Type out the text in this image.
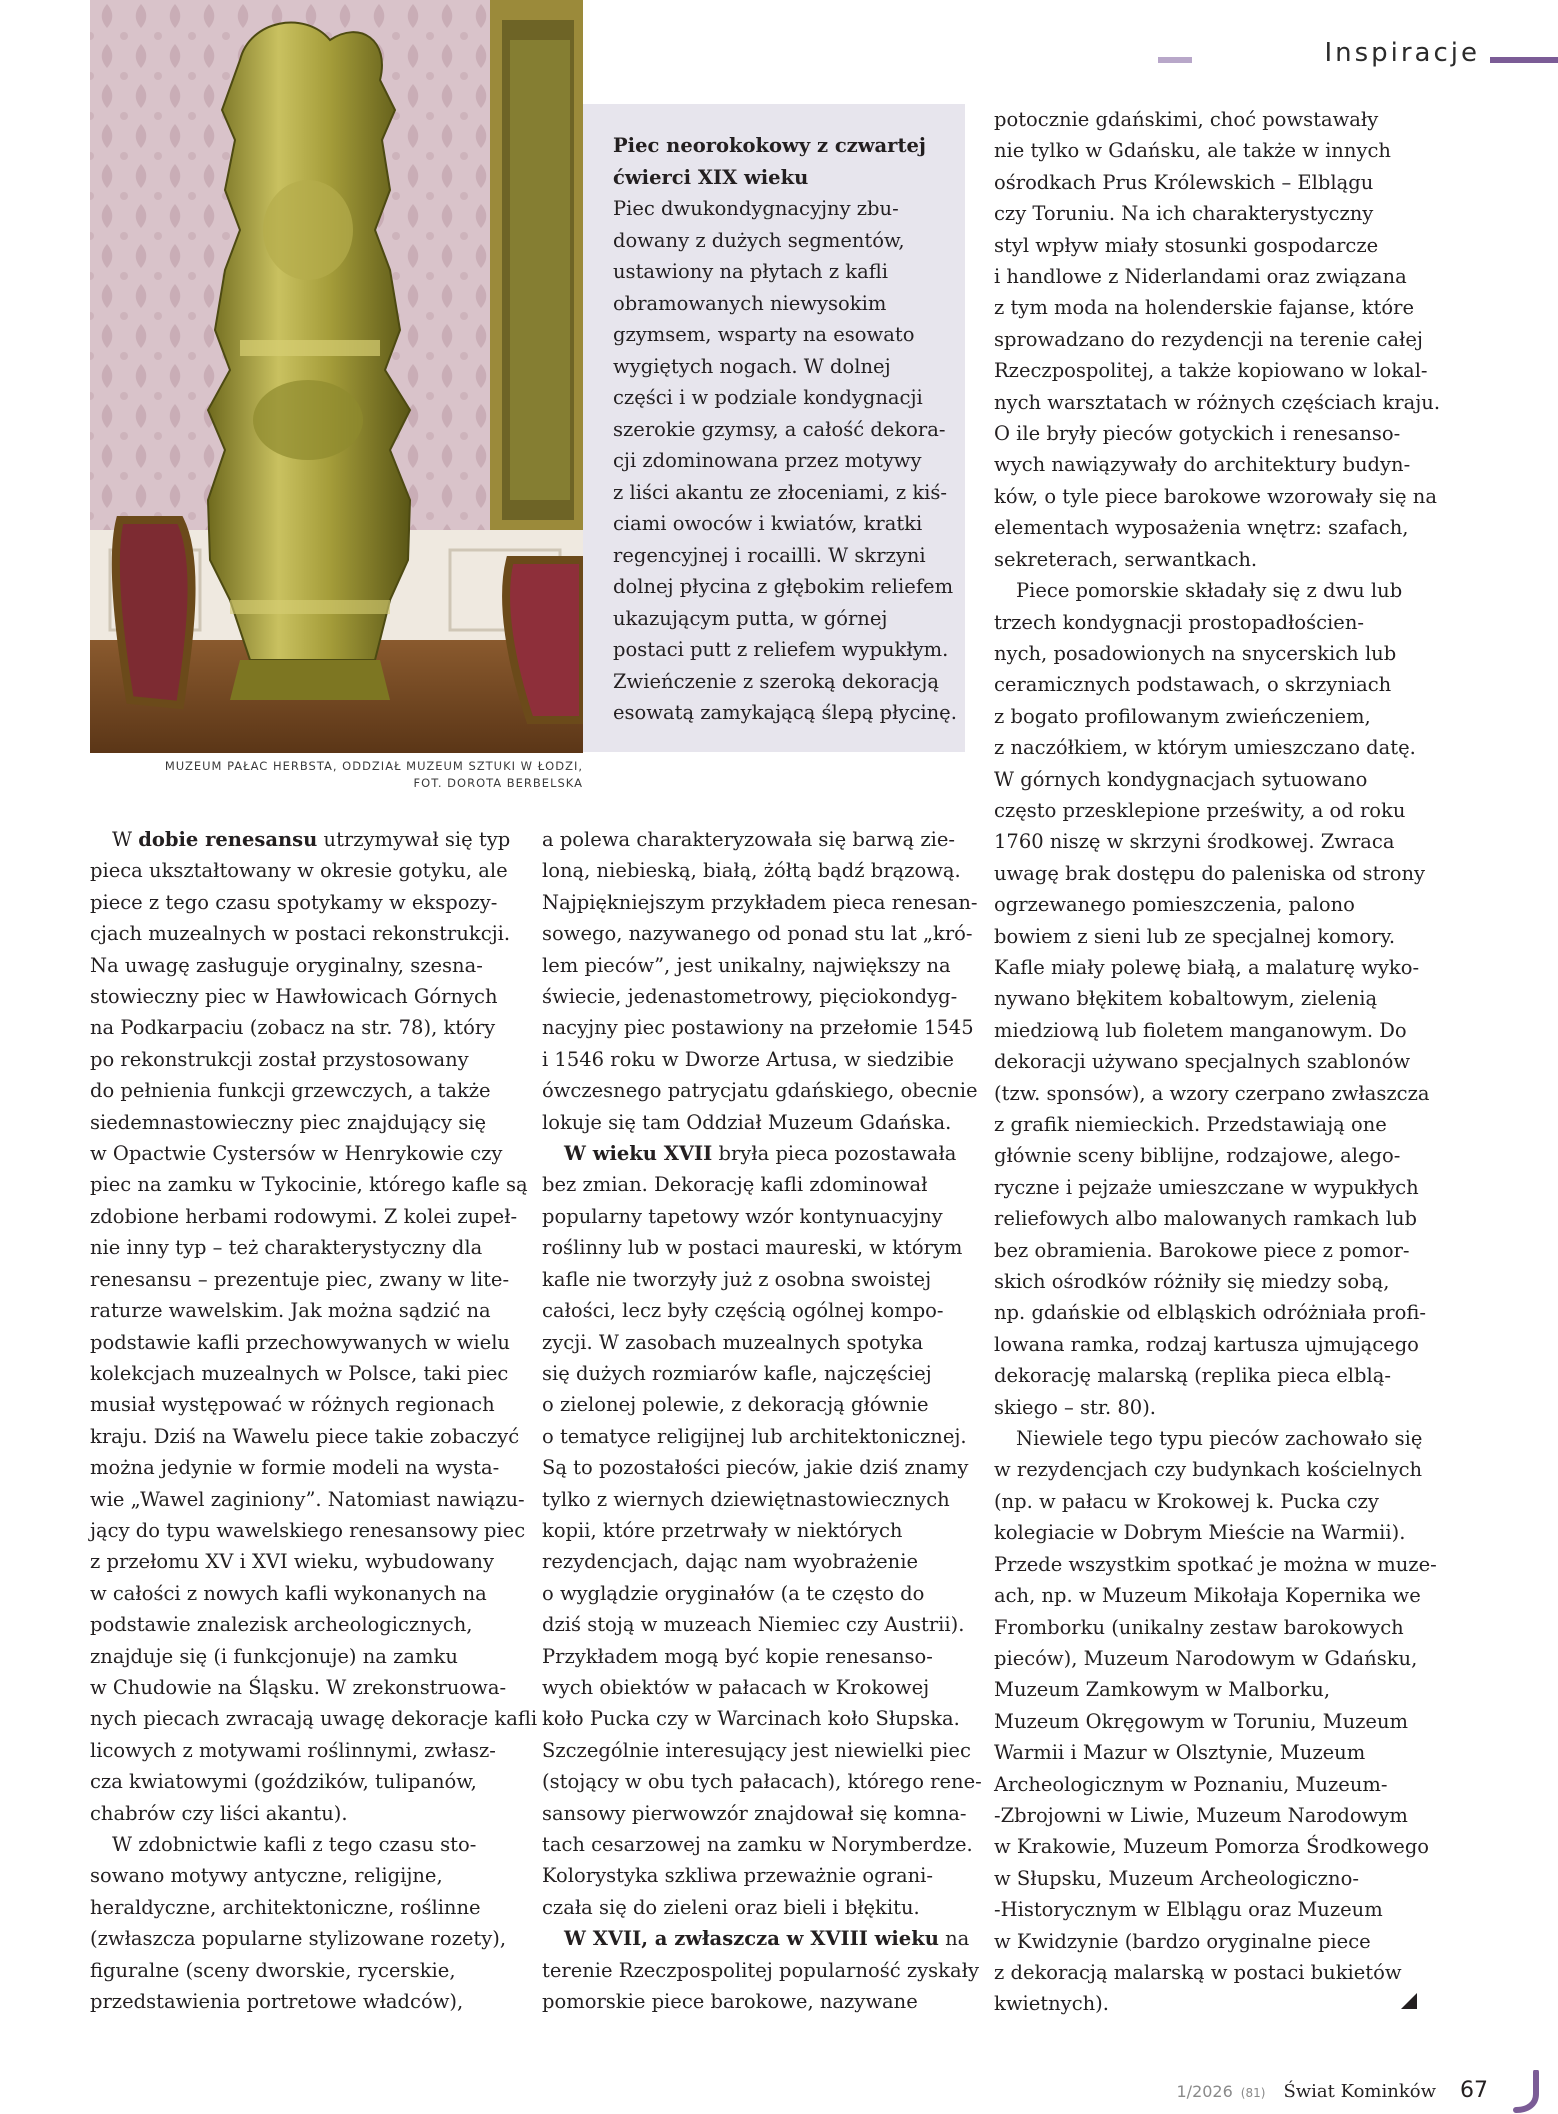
Inspiracje
MUZEUM PAŁAC HERBSTA, ODDZIAŁ MUZEUM SZTUKI W ŁODZI,
FOT. DOROTA BERBELSKA
Piec neorokokowy z czwartej
ćwierci XIX wieku
Piec dwukondygnacyjny zbu-
dowany z dużych segmentów,
ustawiony na płytach z kafli
obramowanych niewysokim
gzymsem, wsparty na esowato
wygiętych nogach. W dolnej
części i w podziale kondygnacji
szerokie gzymsy, a całość dekora-
cji zdominowana przez motywy
z liści akantu ze złoceniami, z kiś-
ciami owoców i kwiatów, kratki
regencyjnej i rocailli. W skrzyni
dolnej płycina z głębokim reliefem
ukazującym putta, w górnej
postaci putt z reliefem wypukłym.
Zwieńczenie z szeroką dekoracją
esowatą zamykającą ślepą płycinę.

W dobie renesansu utrzymywał się typ

pieca ukształtowany w okresie gotyku, ale
piece z tego czasu spotykamy w ekspozy-
cjach muzealnych w postaci rekonstrukcji.
Na uwagę zasługuje oryginalny, szesna-
stowieczny piec w Hawłowicach Górnych
na Podkarpaciu (zobacz na str. 78), który
po rekonstrukcji został przystosowany
do pełnienia funkcji grzewczych, a także
siedemnastowieczny piec znajdujący się
w Opactwie Cystersów w Henrykowie czy
piec na zamku w Tykocinie, którego kafle są
zdobione herbami rodowymi. Z kolei zupeł-
nie inny typ – też charakterystyczny dla
renesansu – prezentuje piec, zwany w lite-
raturze wawelskim. Jak można sądzić na
podstawie kafli przechowywanych w wielu
kolekcjach muzealnych w Polsce, taki piec
musiał występować w różnych regionach
kraju. Dziś na Wawelu piece takie zobaczyć
można jedynie w formie modeli na wysta-
wie „Wawel zaginiony”. Natomiast nawiązu-
jący do typu wawelskiego renesansowy piec
z przełomu XV i XVI wieku, wybudowany
w całości z nowych kafli wykonanych na
podstawie znalezisk archeologicznych,
znajduje się (i funkcjonuje) na zamku
w Chudowie na Śląsku. W zrekonstruowa-
nych piecach zwracają uwagę dekoracje kafli
licowych z motywami roślinnymi, zwłasz-
cza kwiatowymi (goździków, tulipanów,
chabrów czy liści akantu).

W zdobnictwie kafli z tego czasu sto-

sowano motywy antyczne, religijne,
heraldyczne, architektoniczne, roślinne
(zwłaszcza popularne stylizowane rozety),
figuralne (sceny dworskie, rycerskie,
przedstawienia portretowe władców),

a polewa charakteryzowała się barwą zie-
loną, niebieską, białą, żółtą bądź brązową.
Najpiękniejszym przykładem pieca renesan-
sowego, nazywanego od ponad stu lat „kró-
lem pieców”, jest unikalny, największy na
świecie, jedenastometrowy, pięciokondyg-
nacyjny piec postawiony na przełomie 1545
i 1546 roku w Dworze Artusa, w siedzibie
ówczesnego patrycjatu gdańskiego, obecnie
lokuje się tam Oddział Muzeum Gdańska.

W wieku XVII bryła pieca pozostawała

bez zmian. Dekorację kafli zdominował
popularny tapetowy wzór kontynuacyjny
roślinny lub w postaci maureski, w którym
kafle nie tworzyły już z osobna swoistej
całości, lecz były częścią ogólnej kompo-
zycji. W zasobach muzealnych spotyka
się dużych rozmiarów kafle, najczęściej
o zielonej polewie, z dekoracją głównie
o tematyce religijnej lub architektonicznej.
Są to pozostałości pieców, jakie dziś znamy
tylko z wiernych dziewiętnastowiecznych
kopii, które przetrwały w niektórych
rezydencjach, dając nam wyobrażenie
o wyglądzie oryginałów (a te często do
dziś stoją w muzeach Niemiec czy Austrii).
Przykładem mogą być kopie renesanso-
wych obiektów w pałacach w Krokowej
koło Pucka czy w Warcinach koło Słupska.
Szczególnie interesujący jest niewielki piec
(stojący w obu tych pałacach), którego rene-
sansowy pierwowzór znajdował się komna-
tach cesarzowej na zamku w Norymberdze.
Kolorystyka szkliwa przeważnie ograni-
czała się do zieleni oraz bieli i błękitu.

W XVII, a zwłaszcza w XVIII wieku na

terenie Rzeczpospolitej popularność zyskały
pomorskie piece barokowe, nazywane

potocznie gdańskimi, choć powstawały
nie tylko w Gdańsku, ale także w innych
ośrodkach Prus Królewskich – Elblągu
czy Toruniu. Na ich charakterystyczny
styl wpływ miały stosunki gospodarcze
i handlowe z Niderlandami oraz związana
z tym moda na holenderskie fajanse, które
sprowadzano do rezydencji na terenie całej
Rzeczpospolitej, a także kopiowano w lokal-
nych warsztatach w różnych częściach kraju.
O ile bryły pieców gotyckich i renesanso-
wych nawiązywały do architektury budyn-
ków, o tyle piece barokowe wzorowały się na
elementach wyposażenia wnętrz: szafach,
sekreterach, serwantkach.

Piece pomorskie składały się z dwu lub

trzech kondygnacji prostopadłościen-
nych, posadowionych na snycerskich lub
ceramicznych podstawach, o skrzyniach
z bogato profilowanym zwieńczeniem,
z naczółkiem, w którym umieszczano datę.
W górnych kondygnacjach sytuowano
często przesklepione prześwity, a od roku
1760 niszę w skrzyni środkowej. Zwraca
uwagę brak dostępu do paleniska od strony
ogrzewanego pomieszczenia, palono
bowiem z sieni lub ze specjalnej komory.
Kafle miały polewę białą, a malaturę wyko-
nywano błękitem kobaltowym, zielenią
miedziową lub fioletem manganowym. Do
dekoracji używano specjalnych szablonów
(tzw. sponsów), a wzory czerpano zwłaszcza
z grafik niemieckich. Przedstawiają one
głównie sceny biblijne, rodzajowe, alego-
ryczne i pejzaże umieszczane w wypukłych
reliefowych albo malowanych ramkach lub
bez obramienia. Barokowe piece z pomor-
skich ośrodków różniły się miedzy sobą,
np. gdańskie od elbląskich odróżniała profi-
lowana ramka, rodzaj kartusza ujmującego
dekorację malarską (replika pieca elblą-
skiego – str. 80).

Niewiele tego typu pieców zachowało się

w rezydencjach czy budynkach kościelnych
(np. w pałacu w Krokowej k. Pucka czy
kolegiacie w Dobrym Mieście na Warmii).
Przede wszystkim spotkać je można w muze-
ach, np. w Muzeum Mikołaja Kopernika we
Fromborku (unikalny zestaw barokowych
pieców), Muzeum Narodowym w Gdańsku,
Muzeum Zamkowym w Malborku,
Muzeum Okręgowym w Toruniu, Muzeum
Warmii i Mazur w Olsztynie, Muzeum
Archeologicznym w Poznaniu, Muzeum-
-Zbrojowni w Liwie, Muzeum Narodowym
w Krakowie, Muzeum Pomorza Środkowego
w Słupsku, Muzeum Archeologiczno-
-Historycznym w Elblągu oraz Muzeum
w Kwidzynie (bardzo oryginalne piece
z dekoracją malarską w postaci bukietów
kwietnych).

1/2026 (81) Świat Kominków 67
